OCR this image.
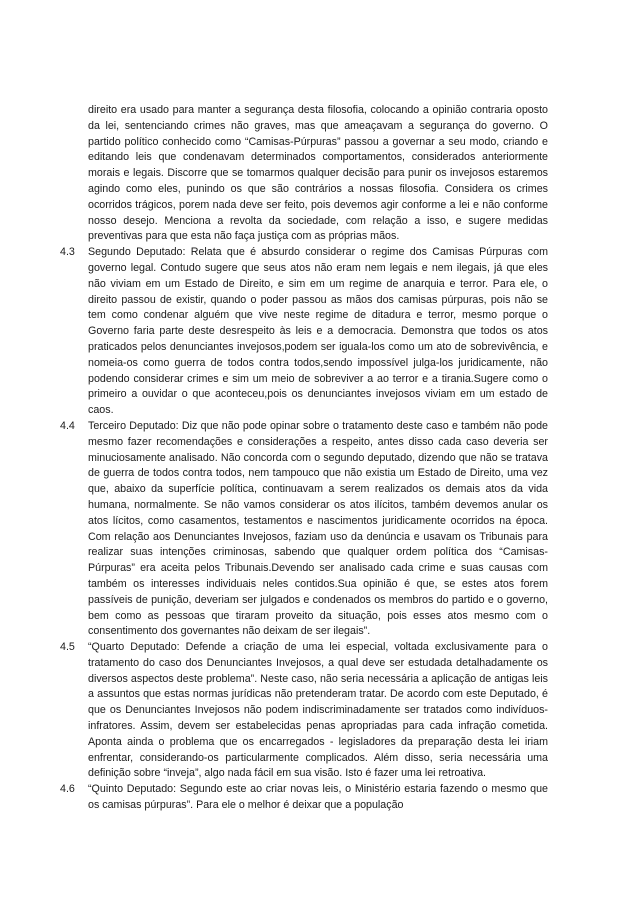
direito era usado para manter a segurança desta filosofia, colocando a opinião contraria oposto da lei, sentenciando crimes não graves, mas que ameaçavam a segurança do governo. O partido político conhecido como “Camisas-Púrpuras” passou a governar a seu modo, criando e editando leis que condenavam determinados comportamentos, considerados anteriormente morais e legais. Discorre que se tomarmos qualquer decisão para punir os invejosos estaremos agindo como eles, punindo os que são contrários a nossas filosofia. Considera os crimes ocorridos trágicos, porem nada deve ser feito, pois devemos agir conforme a lei e não conforme nosso desejo. Menciona a revolta da sociedade, com relação a isso, e sugere medidas preventivas para que esta não faça justiça com as próprias mãos.

4.3 Segundo Deputado: Relata que é absurdo considerar o regime dos Camisas Púrpuras com governo legal. Contudo sugere que seus atos não eram nem legais e nem ilegais, já que eles não viviam em um Estado de Direito, e sim em um regime de anarquia e terror. Para ele, o direito passou de existir, quando o poder passou as mãos dos camisas púrpuras, pois não se tem como condenar alguém que vive neste regime de ditadura e terror, mesmo porque o Governo faria parte deste desrespeito às leis e a democracia. Demonstra que todos os atos praticados pelos denunciantes invejosos,podem ser iguala-los como um ato de sobrevivência, e nomeia-os como guerra de todos contra todos,sendo impossível julga-los juridicamente, não podendo considerar crimes e sim um meio de sobreviver a ao terror e a tirania.Sugere como o primeiro a ouvidar o que aconteceu,pois os denunciantes invejosos viviam em um estado de caos.

4.4 Terceiro Deputado: Diz que não pode opinar sobre o tratamento deste caso e também não pode mesmo fazer recomendações e considerações a respeito, antes disso cada caso deveria ser minuciosamente analisado. Não concorda com o segundo deputado, dizendo que não se tratava de guerra de todos contra todos, nem tampouco que não existia um Estado de Direito, uma vez que, abaixo da superfície política, continuavam a serem realizados os demais atos da vida humana, normalmente. Se não vamos considerar os atos ilícitos, também devemos anular os atos lícitos, como casamentos, testamentos e nascimentos juridicamente ocorridos na época. Com relação aos Denunciantes Invejosos, faziam uso da denúncia e usavam os Tribunais para realizar suas intenções criminosas, sabendo que qualquer ordem política dos “Camisas- Púrpuras” era aceita pelos Tribunais.Devendo ser analisado cada crime e suas causas com também os interesses individuais neles contidos.Sua opinião é que, se estes atos forem passíveis de punição, deveriam ser julgados e condenados os membros do partido e o governo, bem como as pessoas que tiraram proveito da situação, pois esses atos mesmo com o consentimento dos governantes não deixam de ser ilegais”.

4.5 “Quarto Deputado: Defende a criação de uma lei especial, voltada exclusivamente para o tratamento do caso dos Denunciantes Invejosos, a qual deve ser estudada detalhadamente os diversos aspectos deste problema”. Neste caso, não seria necessária a aplicação de antigas leis a assuntos que estas normas jurídicas não pretenderam tratar. De acordo com este Deputado, é que os Denunciantes Invejosos não podem indiscriminadamente ser tratados como indivíduos-infratores. Assim, devem ser estabelecidas penas apropriadas para cada infração cometida. Aponta ainda o problema que os encarregados - legisladores da preparação desta lei iriam enfrentar, considerando-os particularmente complicados. Além disso, seria necessária uma definição sobre “inveja”, algo nada fácil em sua visão. Isto é fazer uma lei retroativa.

4.6 “Quinto Deputado: Segundo este ao criar novas leis, o Ministério estaria fazendo o mesmo que os camisas púrpuras”. Para ele o melhor é deixar que a população
